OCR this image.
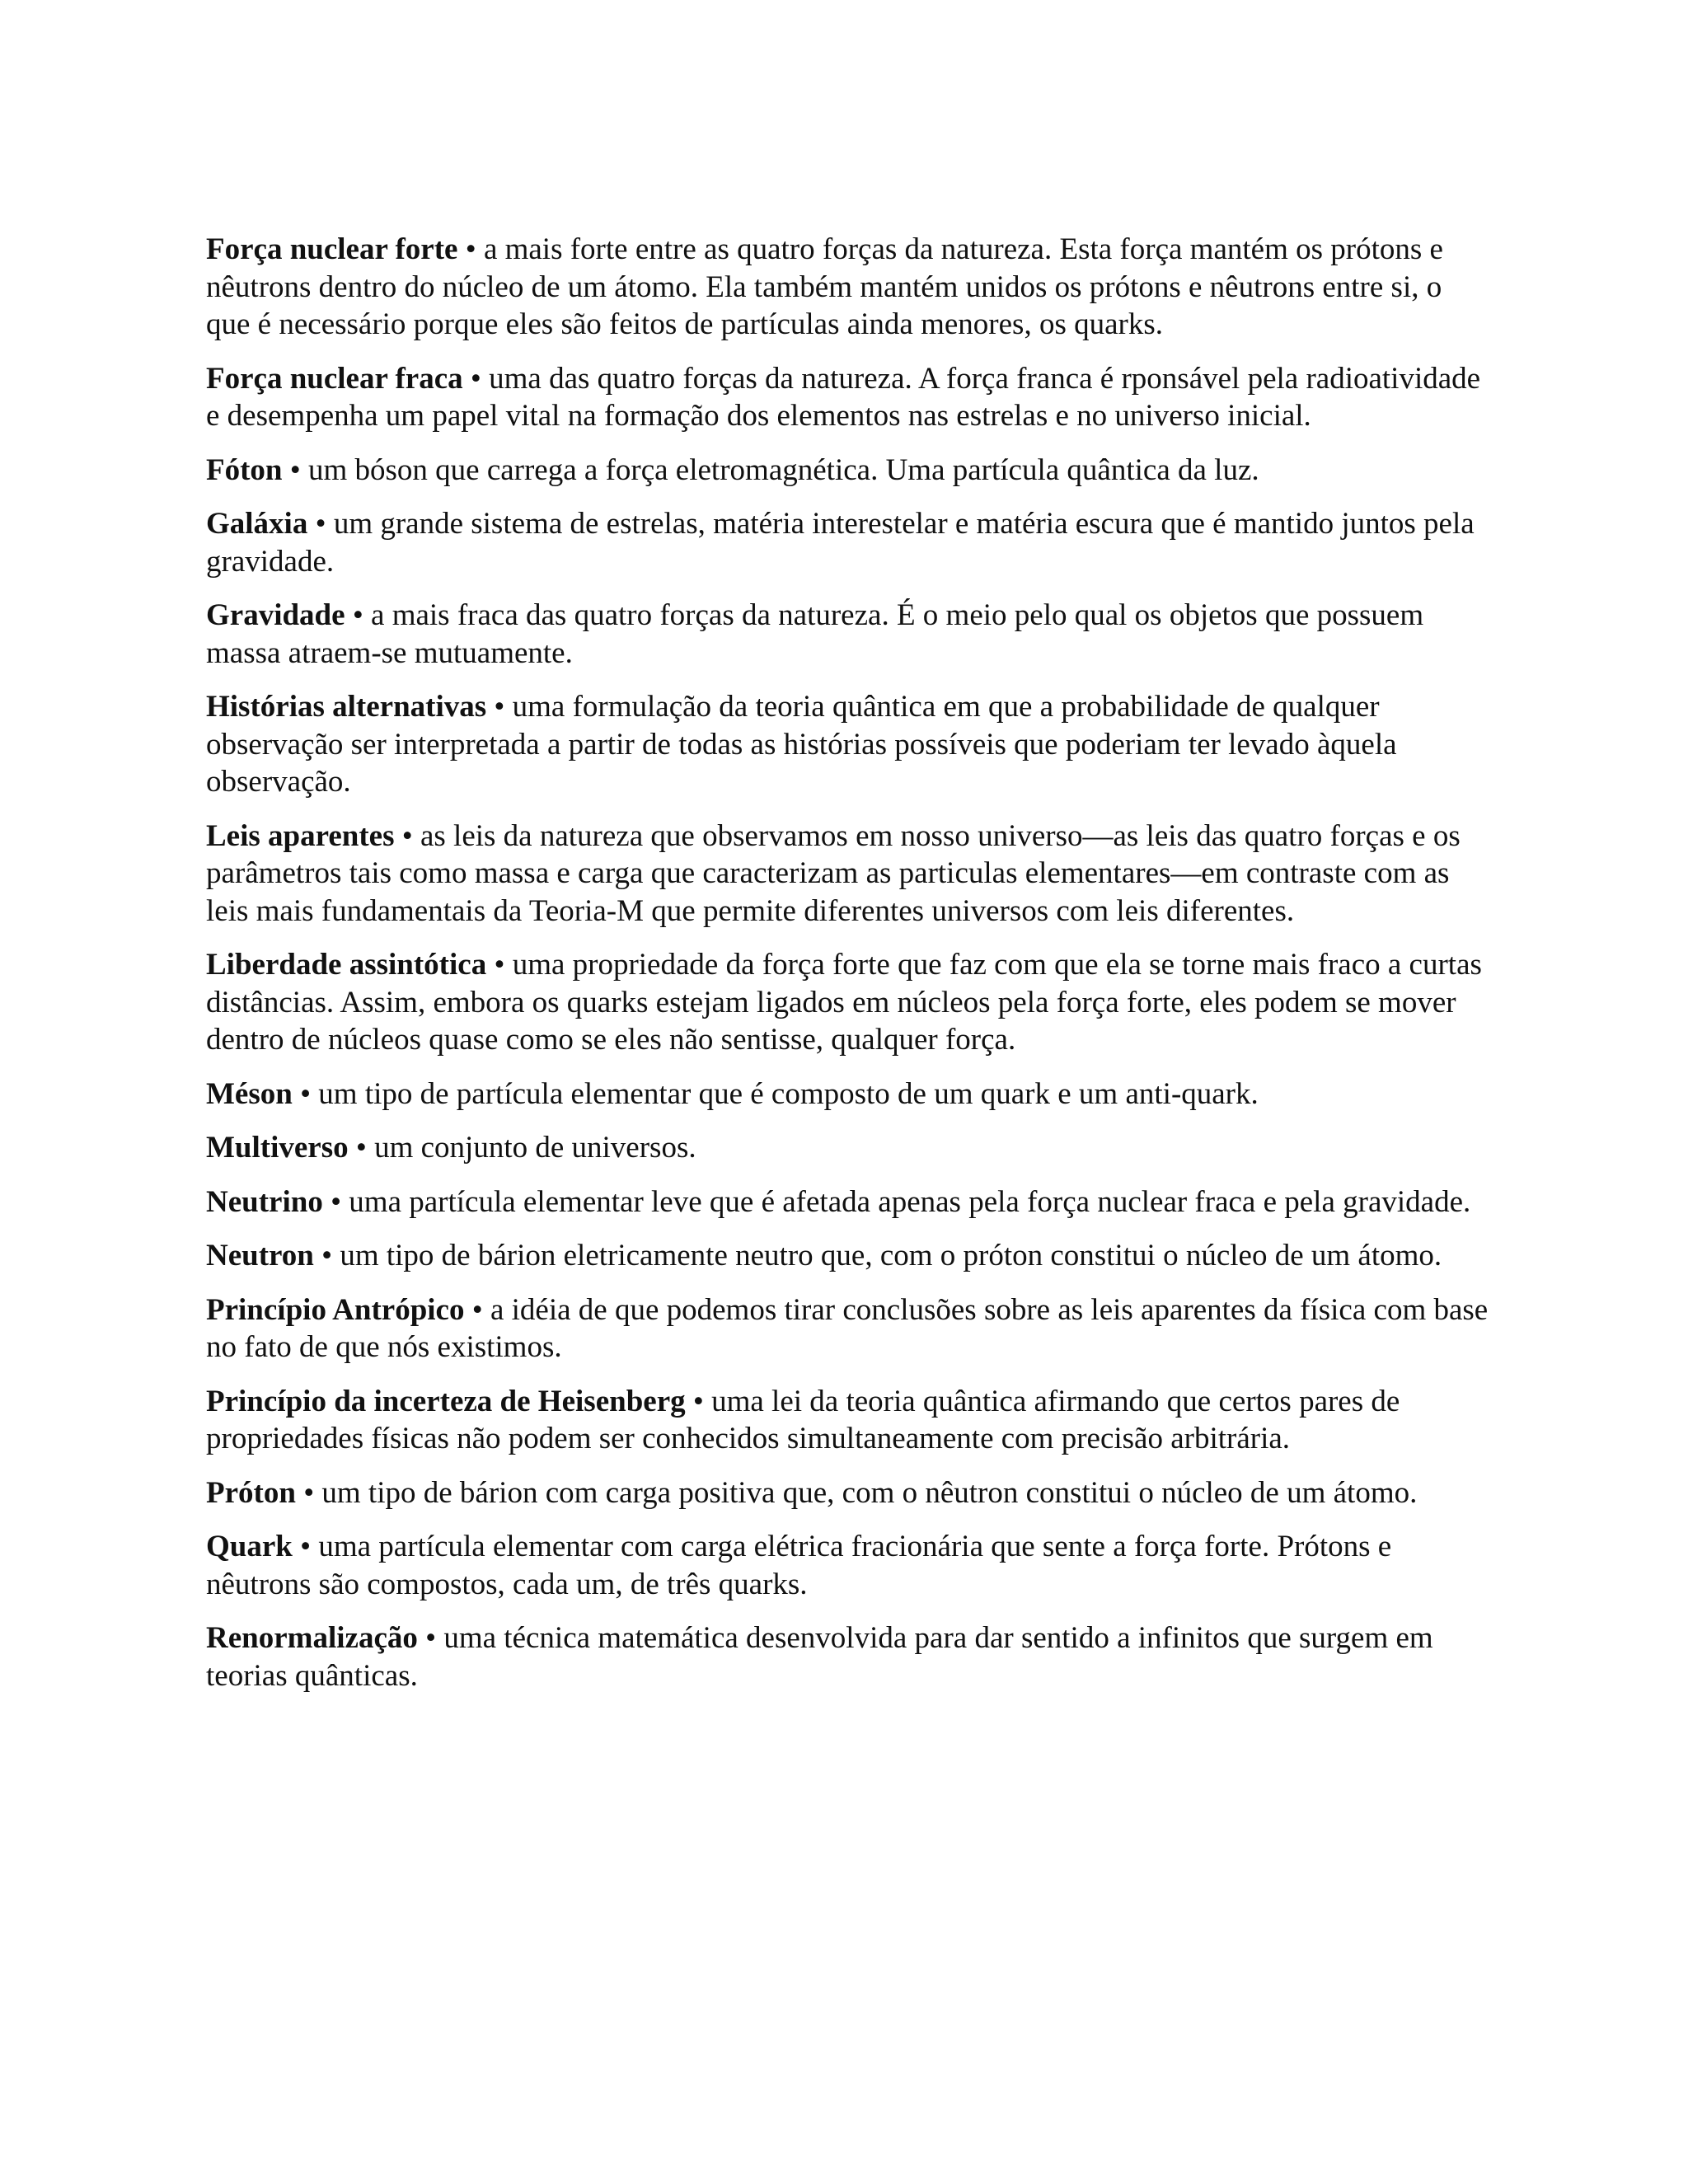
Força nuclear forte • a mais forte entre as quatro forças da natureza. Esta força mantém os prótons e nêutrons dentro do núcleo de um átomo. Ela também mantém unidos os prótons e nêutrons entre si, o que é necessário porque eles são feitos de partículas ainda menores, os quarks.

Força nuclear fraca • uma das quatro forças da natureza. A força franca é rponsável pela radioatividade e desempenha um papel vital na formação dos elementos nas estrelas e no universo inicial.

Fóton • um bóson que carrega a força eletromagnética. Uma partícula quântica da luz.

Galáxia • um grande sistema de estrelas, matéria interestelar e matéria escura que é mantido juntos pela gravidade.

Gravidade • a mais fraca das quatro forças da natureza. É o meio pelo qual os objetos que possuem massa atraem-se mutuamente.

Histórias alternativas • uma formulação da teoria quântica em que a probabilidade de qualquer observação ser interpretada a partir de todas as histórias possíveis que poderiam ter levado àquela observação.

Leis aparentes • as leis da natureza que observamos em nosso universo—as leis das quatro forças e os parâmetros tais como massa e carga que caracterizam as particulas elementares—em contraste com as leis mais fundamentais da Teoria-M que permite diferentes universos com leis diferentes.

Liberdade assintótica • uma propriedade da força forte que faz com que ela se torne mais fraco a curtas distâncias. Assim, embora os quarks estejam ligados em núcleos pela força forte, eles podem se mover dentro de núcleos quase como se eles não sentisse, qualquer força.

Méson • um tipo de partícula elementar que é composto de um quark e um anti-quark.

Multiverso • um conjunto de universos.

Neutrino • uma partícula elementar leve que é afetada apenas pela força nuclear fraca e pela gravidade.

Neutron • um tipo de bárion eletricamente neutro que, com o próton constitui o núcleo de um átomo.

Princípio Antrópico • a idéia de que podemos tirar conclusões sobre as leis aparentes da física com base no fato de que nós existimos.

Princípio da incerteza de Heisenberg • uma lei da teoria quântica afirmando que certos pares de propriedades físicas não podem ser conhecidos simultaneamente com precisão arbitrária.

Próton • um tipo de bárion com carga positiva que, com o nêutron constitui o núcleo de um átomo.

Quark • uma partícula elementar com carga elétrica fracionária que sente a força forte. Prótons e nêutrons são compostos, cada um, de três quarks.

Renormalização • uma técnica matemática desenvolvida para dar sentido a infinitos que surgem em teorias quânticas.
